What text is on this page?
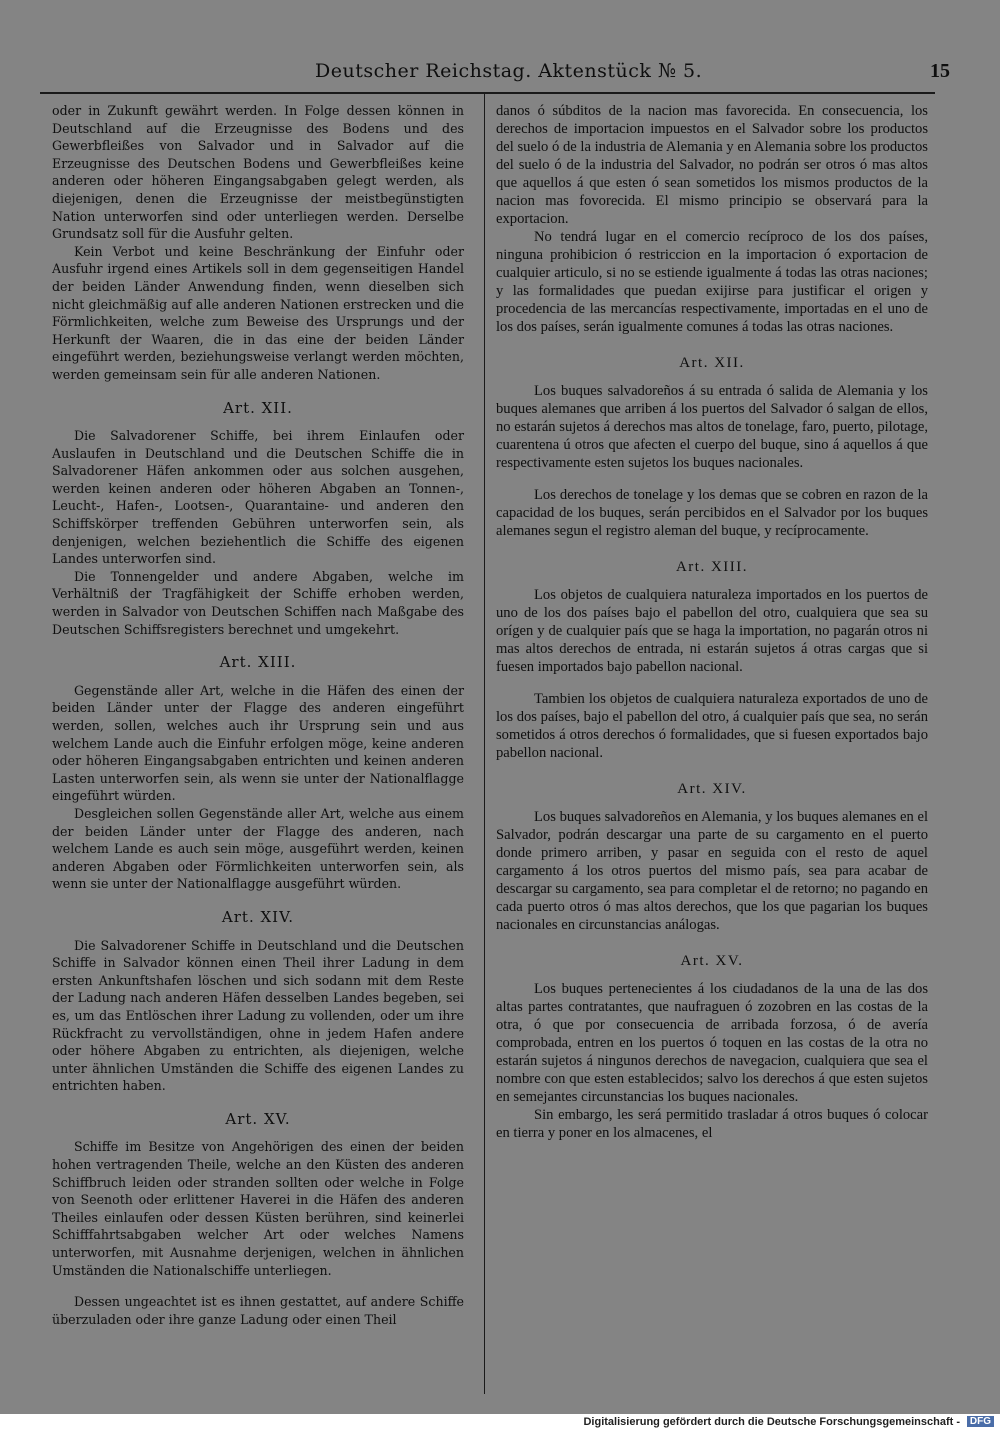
Deutscher Reichstag. Aktenstück № 5.	15

oder in Zukunft gewährt werden. In Folge dessen können in Deutschland auf die Erzeugnisse des Bodens und des Gewerbfleißes von Salvador und in Salvador auf die Erzeugnisse des Deutschen Bodens und Gewerbfleißes keine anderen oder höheren Eingangsabgaben gelegt werden, als diejenigen, denen die Erzeugnisse der meistbegünstigten Nation unterworfen sind oder unterliegen werden. Derselbe Grundsatz soll für die Ausfuhr gelten.

Kein Verbot und keine Beschränkung der Einfuhr oder Ausfuhr irgend eines Artikels soll in dem gegenseitigen Handel der beiden Länder Anwendung finden, wenn dieselben sich nicht gleichmäßig auf alle anderen Nationen erstrecken und die Förmlichkeiten, welche zum Beweise des Ursprungs und der Herkunft der Waaren, die in das eine der beiden Länder eingeführt werden, beziehungsweise verlangt werden möchten, werden gemeinsam sein für alle anderen Nationen.

Art. XII.

Die Salvadorener Schiffe, bei ihrem Einlaufen oder Auslaufen in Deutschland und die Deutschen Schiffe die in Salvadorener Häfen ankommen oder aus solchen ausgehen, werden keinen anderen oder höheren Abgaben an Tonnen-, Leucht-, Hafen-, Lootsen-, Quarantaine- und anderen den Schiffskörper treffenden Gebühren unterworfen sein, als denjenigen, welchen beziehentlich die Schiffe des eigenen Landes unterworfen sind.

Die Tonnengelder und andere Abgaben, welche im Verhältniß der Tragfähigkeit der Schiffe erhoben werden, werden in Salvador von Deutschen Schiffen nach Maßgabe des Deutschen Schiffsregisters berechnet und umgekehrt.

Art. XIII.

Gegenstände aller Art, welche in die Häfen des einen der beiden Länder unter der Flagge des anderen eingeführt werden, sollen, welches auch ihr Ursprung sein und aus welchem Lande auch die Einfuhr erfolgen möge, keine anderen oder höheren Eingangsabgaben entrichten und keinen anderen Lasten unterworfen sein, als wenn sie unter der Nationalflagge eingeführt würden.

Desgleichen sollen Gegenstände aller Art, welche aus einem der beiden Länder unter der Flagge des anderen, nach welchem Lande es auch sein möge, ausgeführt werden, keinen anderen Abgaben oder Förmlichkeiten unterworfen sein, als wenn sie unter der Nationalflagge ausgeführt würden.

Art. XIV.

Die Salvadorener Schiffe in Deutschland und die Deutschen Schiffe in Salvador können einen Theil ihrer Ladung in dem ersten Ankunftshafen löschen und sich sodann mit dem Reste der Ladung nach anderen Häfen desselben Landes begeben, sei es, um das Entlöschen ihrer Ladung zu vollenden, oder um ihre Rückfracht zu vervollständigen, ohne in jedem Hafen andere oder höhere Abgaben zu entrichten, als diejenigen, welche unter ähnlichen Umständen die Schiffe des eigenen Landes zu entrichten haben.

Art. XV.

Schiffe im Besitze von Angehörigen des einen der beiden hohen vertragenden Theile, welche an den Küsten des anderen Schiffbruch leiden oder stranden sollten oder welche in Folge von Seenoth oder erlittener Haverei in die Häfen des anderen Theiles einlaufen oder dessen Küsten berühren, sind keinerlei Schifffahrtsabgaben welcher Art oder welches Namens unterworfen, mit Ausnahme derjenigen, welchen in ähnlichen Umständen die Nationalschiffe unterliegen.

Dessen ungeachtet ist es ihnen gestattet, auf andere Schiffe überzuladen oder ihre ganze Ladung oder einen Theil

danos ó súbditos de la nacion mas favorecida. En consecuencia, los derechos de importacion impuestos en el Salvador sobre los productos del suelo ó de la industria de Alemania y en Alemania sobre los productos del suelo ó de la industria del Salvador, no podrán ser otros ó mas altos que aquellos á que esten ó sean sometidos los mismos productos de la nacion mas fovorecida. El mismo principio se observará para la exportacion.

No tendrá lugar en el comercio recíproco de los dos países, ninguna prohibicion ó restriccion en la importacion ó exportacion de cualquier articulo, si no se estiende igualmente á todas las otras naciones; y las formalidades que puedan exijirse para justificar el origen y procedencia de las mercancías respectivamente, importadas en el uno de los dos países, serán igualmente comunes á todas las otras naciones.

Art. XII.

Los buques salvadoreños á su entrada ó salida de Alemania y los buques alemanes que arriben á los puertos del Salvador ó salgan de ellos, no estarán sujetos á derechos mas altos de tonelage, faro, puerto, pilotage, cuarentena ú otros que afecten el cuerpo del buque, sino á aquellos á que respectivamente esten sujetos los buques nacionales.

Los derechos de tonelage y los demas que se cobren en razon de la capacidad de los buques, serán percibidos en el Salvador por los buques alemanes segun el registro aleman del buque, y recíprocamente.

Art. XIII.

Los objetos de cualquiera naturaleza importados en los puertos de uno de los dos países bajo el pabellon del otro, cualquiera que sea su orígen y de cualquier país que se haga la importation, no pagarán otros ni mas altos derechos de entrada, ni estarán sujetos á otras cargas que si fuesen importados bajo pabellon nacional.

Tambien los objetos de cualquiera naturaleza exportados de uno de los dos países, bajo el pabellon del otro, á cualquier país que sea, no serán sometidos á otros derechos ó formalidades, que si fuesen exportados bajo pabellon nacional.

Art. XIV.

Los buques salvadoreños en Alemania, y los buques alemanes en el Salvador, podrán descargar una parte de su cargamento en el puerto donde primero arriben, y pasar en seguida con el resto de aquel cargamento á los otros puertos del mismo país, sea para acabar de descargar su cargamento, sea para completar el de retorno; no pagando en cada puerto otros ó mas altos derechos, que los que pagarian los buques nacionales en circunstancias análogas.

Art. XV.

Los buques pertenecientes á los ciudadanos de la una de las dos altas partes contratantes, que naufraguen ó zozobren en las costas de la otra, ó que por consecuencia de arribada forzosa, ó de avería comprobada, entren en los puertos ó toquen en las costas de la otra no estarán sujetos á ningunos derechos de navegacion, cualquiera que sea el nombre con que esten establecidos; salvo los derechos á que esten sujetos en semejantes circunstancias los buques nacionales.

Sin embargo, les será permitido trasladar á otros buques ó colocar en tierra y poner en los almacenes, el

Digitalisierung gefördert durch die Deutsche Forschungsgemeinschaft - DFG
